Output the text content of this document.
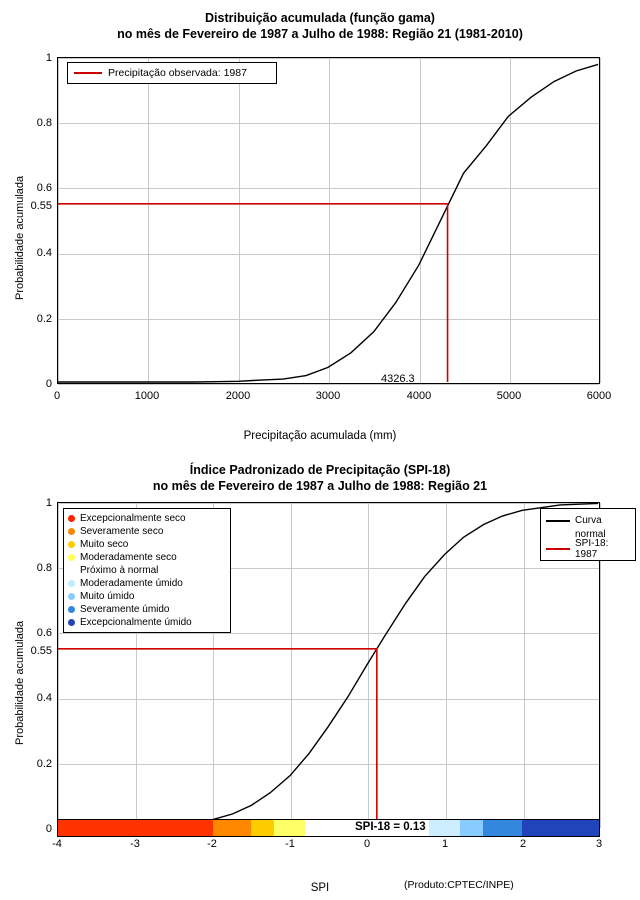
Distribuição acumulada (função gama)
no mês de Fevereiro de 1987 a Julho de 1988: Região 21 (1981-2010)
Probabilidade acumulada
0
0.2
0.4
0.6
0.8
1
0.55
Precipitação observada: 1987
4326.3
0	1000	2000	3000	4000	5000	6000
Precipitação acumulada (mm)
Índice Padronizado de Precipitação (SPI-18)
no mês de Fevereiro de 1987 a Julho de 1988: Região 21
Probabilidade acumulada
0
0.2
0.4
0.6
0.8
1
0.55
Excepcionalmente seco
Severamente seco
Muito seco
Moderadamente seco
Próximo à normal
Moderadamente úmido
Muito úmido
Severamente úmido
Excepcionalmente úmido
Curva
normal
SPI-18: 1987
SPI-18 = 0.13
-4	-3	-2	-1	0	1	2	3
SPI	(Produto:CPTEC/INPE)
